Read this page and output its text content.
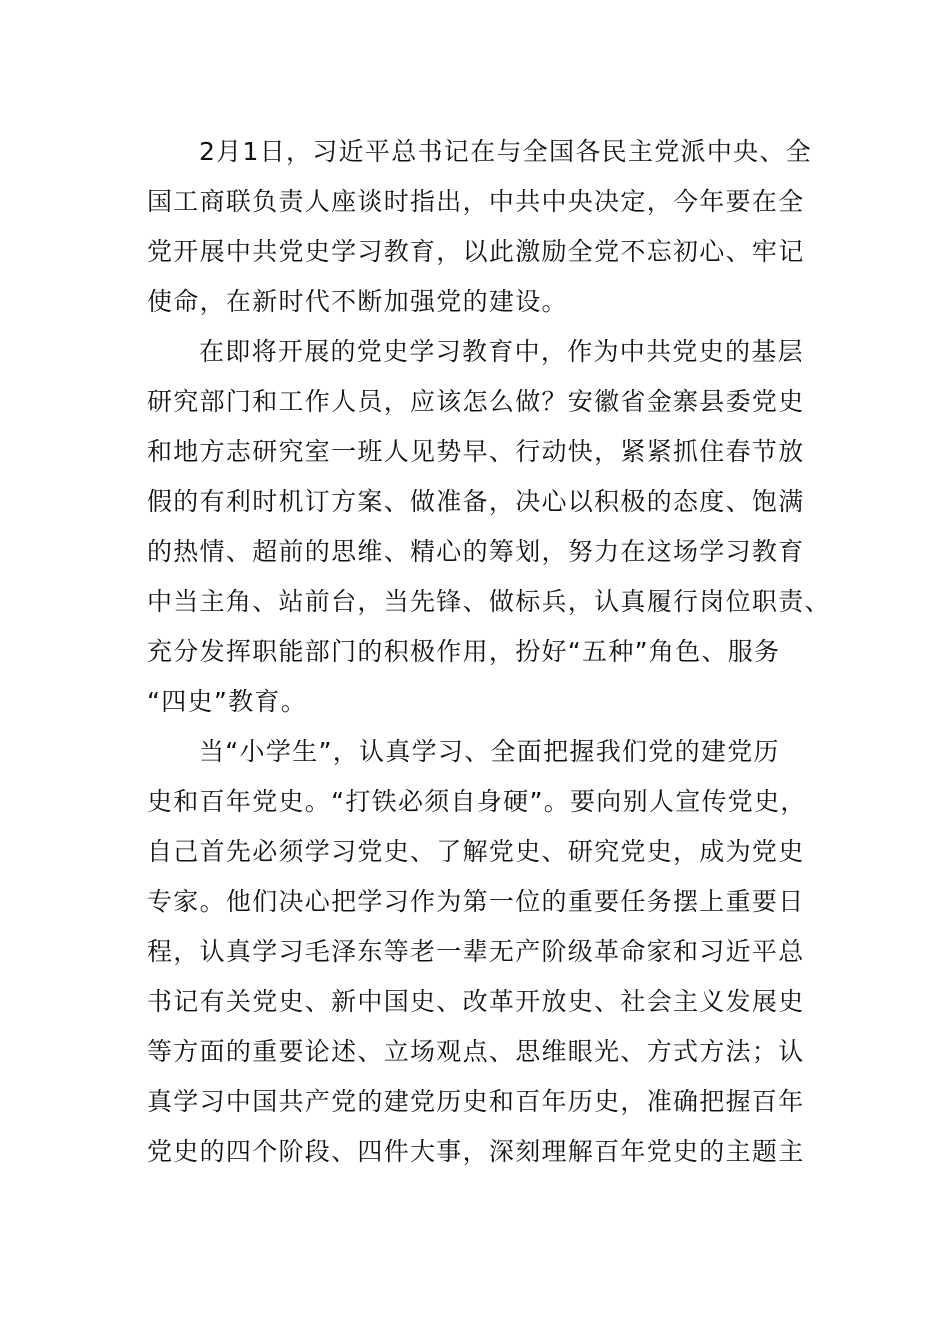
2月1日，习近平总书记在与全国各民主党派中央、全
国工商联负责人座谈时指出，中共中央决定，今年要在全
党开展中共党史学习教育，以此激励全党不忘初心、牢记
使命，在新时代不断加强党的建设。
在即将开展的党史学习教育中，作为中共党史的基层
研究部门和工作人员，应该怎么做？安徽省金寨县委党史
和地方志研究室一班人见势早、行动快，紧紧抓住春节放
假的有利时机订方案、做准备，决心以积极的态度、饱满
的热情、超前的思维、精心的筹划，努力在这场学习教育
中当主角、站前台，当先锋、做标兵，认真履行岗位职责、
充分发挥职能部门的积极作用，扮好“五种”角色、服务
“四史”教育。
当“小学生”，认真学习、全面把握我们党的建党历
史和百年党史。“打铁必须自身硬”。要向别人宣传党史，
自己首先必须学习党史、了解党史、研究党史，成为党史
专家。他们决心把学习作为第一位的重要任务摆上重要日
程，认真学习毛泽东等老一辈无产阶级革命家和习近平总
书记有关党史、新中国史、改革开放史、社会主义发展史
等方面的重要论述、立场观点、思维眼光、方式方法；认
真学习中国共产党的建党历史和百年历史，准确把握百年
党史的四个阶段、四件大事，深刻理解百年党史的主题主
